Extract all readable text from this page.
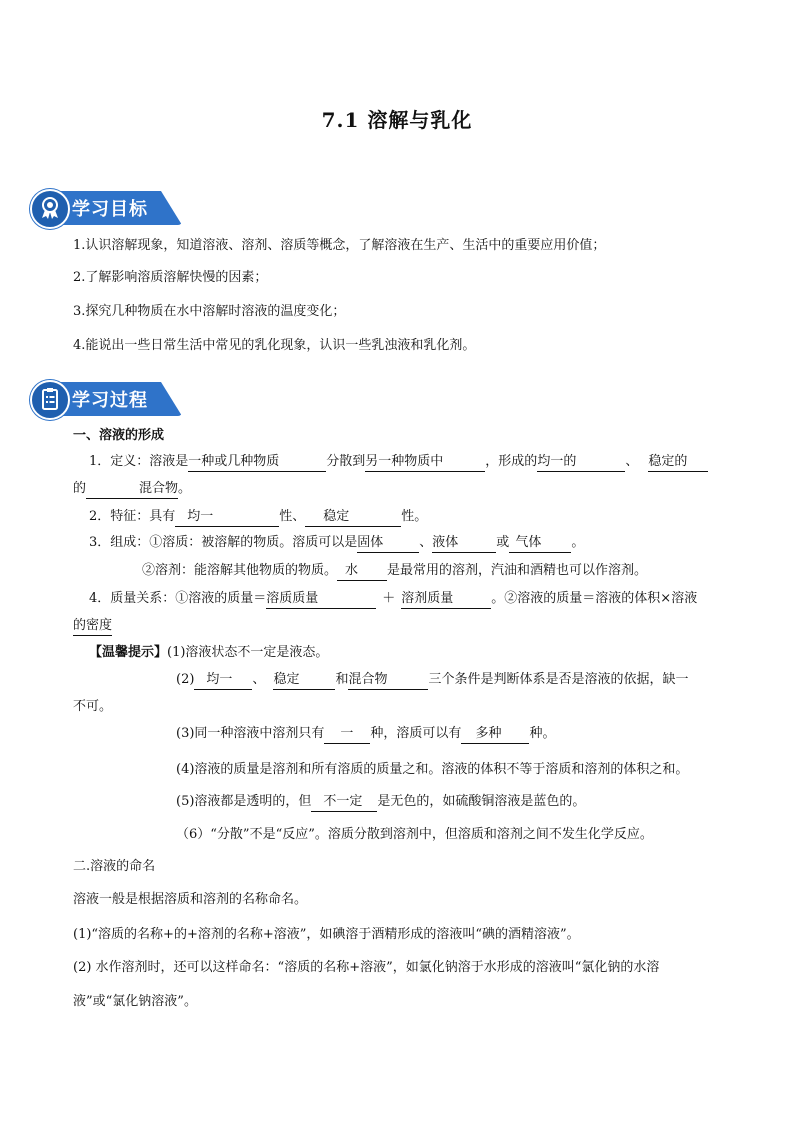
7.1 溶解与乳化
学习目标
1.认识溶解现象，知道溶液、溶剂、溶质等概念，了解溶液在生产、生活中的重要应用价值；
2.了解影响溶质溶解快慢的因素；
3.探究几种物质在水中溶解时溶液的温度变化；
4.能说出一些日常生活中常见的乳化现象，认识一些乳浊液和乳化剂。
学习过程
一、溶液的形成
1．定义：溶液是一种或几种物质	分散到另一种物质中	，形成的均一的	、 稳定的
的	混合物。
2．特征：具有 均一	性、 稳定	性。
3．组成：①溶质：被溶解的物质。溶质可以是固体	、液体	或 气体 。
②溶剂：能溶解其他物质的物质。 水 是最常用的溶剂，汽油和酒精也可以作溶剂。
4．质量关系：①溶液的质量＝溶质质量	＋ 溶剂质量	。②溶液的质量＝溶液的体积×溶液
的密度
【温馨提示】(1)溶液状态不一定是液态。
(2) 均一 、 稳定	和混合物	三个条件是判断体系是否是溶液的依据，缺一
不可。
(3)同一种溶液中溶剂只有 一 种，溶质可以有 多种 种。
(4)溶液的质量是溶剂和所有溶质的质量之和。溶液的体积不等于溶质和溶剂的体积之和。
(5)溶液都是透明的，但 不一定 是无色的，如硫酸铜溶液是蓝色的。
（6）“分散”不是“反应”。溶质分散到溶剂中，但溶质和溶剂之间不发生化学反应。
二.溶液的命名
溶液一般是根据溶质和溶剂的名称命名。
(1)“溶质的名称+的+溶剂的名称+溶液”，如碘溶于酒精形成的溶液叫“碘的酒精溶液”。
(2) 水作溶剂时，还可以这样命名：“溶质的名称+溶液”，如氯化钠溶于水形成的溶液叫“氯化钠的水溶
液”或“氯化钠溶液”。
